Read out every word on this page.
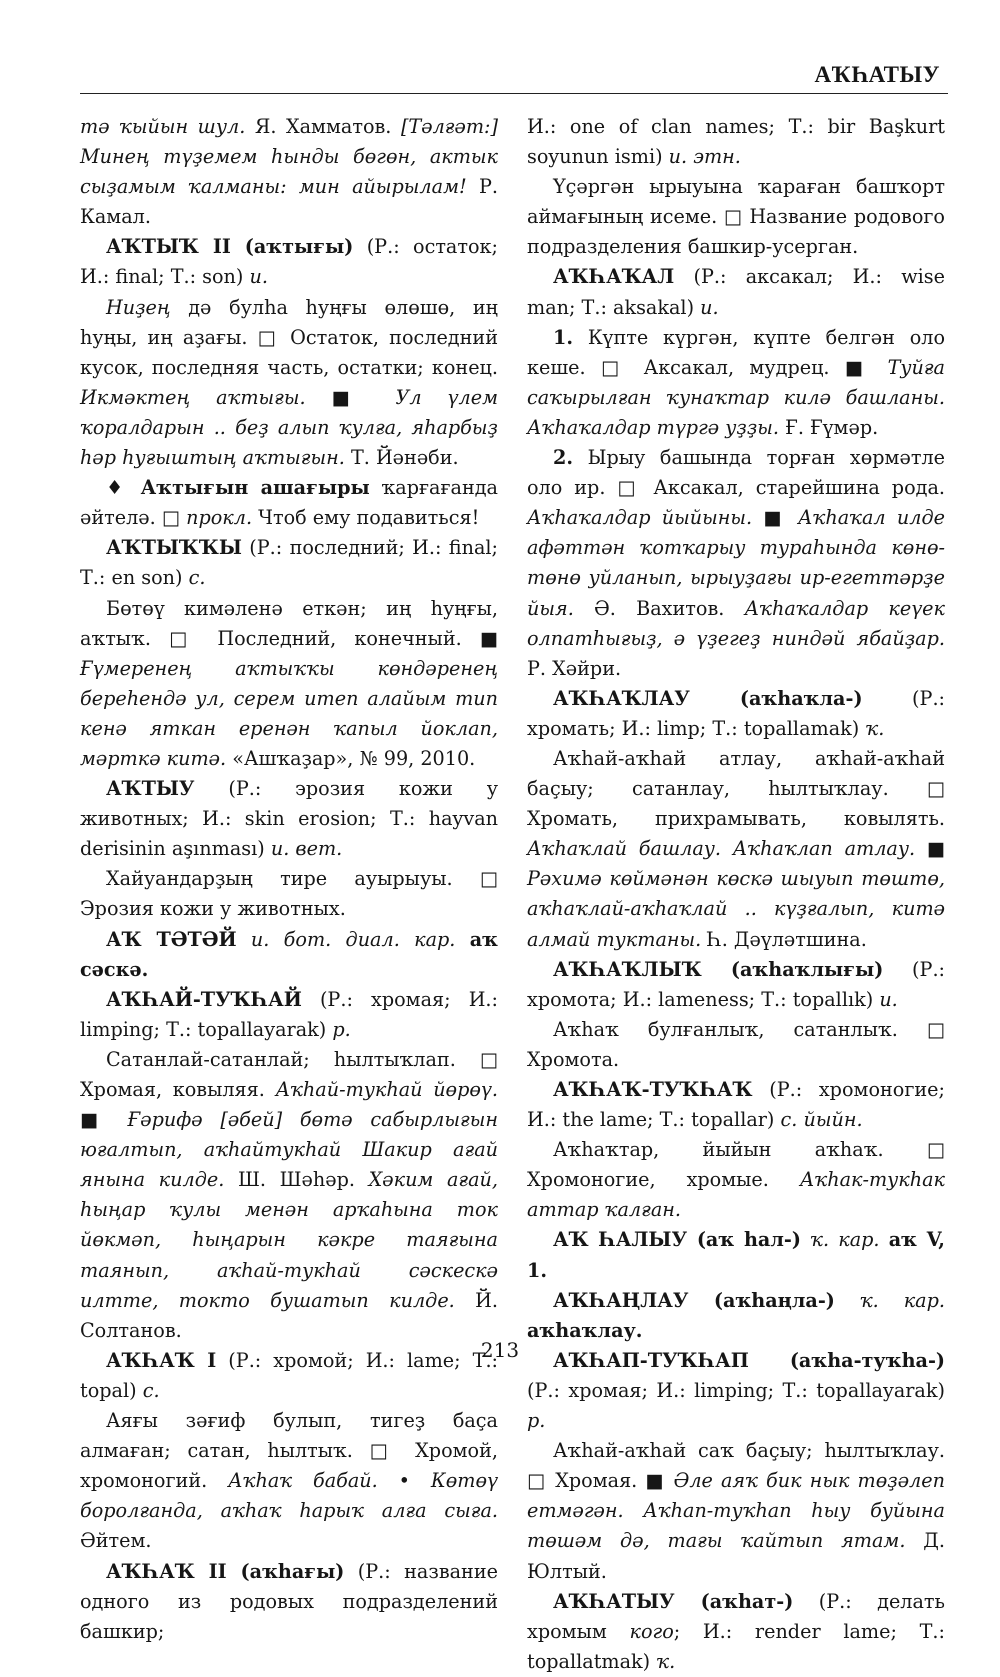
АҠҺАТЫУ

тә ҡыйын шул. Я. Хамматов. [Тәлғәт:] Минең түҙемем һынды бөгөн, актык сыҙамым ҡалманы: мин айырылам! Р. Камал.

АҠТЫҠ II (аҡтығы) (Р.: остаток; И.: final; Т.: son) и.

Ниҙең дә булһа һуңғы өлөшө, иң һуңы, иң аҙағы. □ Остаток, последний кусок, последняя часть, остатки; конец. Икмәктең аҡтығы. ■ Ул үлем ҡоралдарын .. беҙ алып ҡулға, яһарбыҙ һәр һуғыштың аҡтығын. Т. Йәнәби.

♦ Аҡтығын ашағыры ҡарғағанда әйтелә. □ прокл. Чтоб ему подавиться!

АҠТЫҠҠЫ (Р.: последний; И.: final; Т.: en son) с.

Бөтөү кимәленә еткән; иң һуңғы, аҡтыҡ. □ Последний, конечный. ■ Ғүмеренең аҡтыҡҡы көндәренең береһендә ул, серем итеп алайым тип кенә яткан еренән ҡапыл йоклап, мәрткә китә. «Ашҡаҙар», № 99, 2010.

АҠТЫУ (Р.: эрозия кожи у животных; И.: skin erosion; Т.: hayvan derisinin aşınması) и. вет.

Хайуандарҙың тире ауырыуы. □ Эрозия кожи у животных.

АҠ ТӘТӘЙ и. бот. диал. кар. аҡ сәскә.

АҠҺАЙ-ТУҠҺАЙ (Р.: хромая; И.: limping; Т.: topallayarak) р.

Сатанлай-сатанлай; һылтыҡлап. □ Хромая, ковыляя. Аҡһай-тукһай йөрөү. ■ Ғәрифә [әбей] бөтә сабырлығын юғалтып, аҡһайтукһай Шакир ағай янына килде. Ш. Шәһәр. Хәким ағай, һыңар ҡулы менән арҡаһына ток йөкмәп, һыңарын кәкре таяғына таянып, аҡһай-тукһай сәскескә илтте, токто бушатып килде. Й. Солтанов.

АҠҺАҠ I (Р.: хромой; И.: lame; Т.: topal) с.

Аяғы зәғиф булып, тигеҙ баҫа алмаған; сатан, һылтыҡ. □ Хромой, хромоногий. Аҡһаҡ бабай. • Көтөү боролғанда, аҡһаҡ һарыҡ алға сыға. Әйтем.

АҠҺАҠ II (аҡһағы) (Р.: название одного из родовых подразделений башкир;

И.: one of clan names; Т.: bir Başkurt soyunun ismi) и. этн.

Үҫәргән ырыуына ҡараған башҡорт аймағының исеме. □ Название родового подразделения башкир-усерган.

АҠҺАҠАЛ (Р.: аксакал; И.: wise man; Т.: aksakal) и.

1. Күпте күргән, күпте белгән оло кеше. □ Аксакал, мудрец. ■ Туйға саҡырылған ҡунаҡтар килә башланы. Аҡһаҡалдар түргә уҙҙы. Ғ. Ғүмәр.

2. Ырыу башында торған хөрмәтле оло ир. □ Аксакал, старейшина рода. Аҡһаҡалдар йыйыны. ■ Аҡһаҡал илде афәттән ҡотҡарыу тураһында көнө-төнө уйланып, ырыуҙағы ир-егеттәрҙе йыя. Ә. Вахитов. Аҡһаҡалдар кеүек олпатһығыҙ, ә үҙегеҙ ниндәй ябайҙар. Р. Хәйри.

АҠҺАҠЛАУ (аҡһаҡла-) (Р.: хромать; И.: limp; Т.: topallamak) ҡ.

Аҡһай-аҡһай атлау, аҡһай-аҡһай баҫыу; сатанлау, һылтыҡлау. □ Хромать, прихрамывать, ковылять. Аҡһаҡлай башлау. Аҡһаҡлап атлау. ■ Рәхимә көймәнән көскә шыуып төштө, аҡһаҡлай-аҡһаҡлай .. күҙғалып, китә алмай туктаны. Һ. Дәүләтшина.

АҠҺАҠЛЫҠ (аҡһаҡлығы) (Р.: хромота; И.: lameness; Т.: topallık) и.

Аҡһаҡ булғанлыҡ, сатанлыҡ. □ Хромота.

АҠҺАҠ-ТУҠҺАҠ (Р.: хромоногие; И.: the lame; Т.: topallar) с. йыйн.

Аҡһаҡтар, йыйын аҡһаҡ. □ Хромоногие, хромые. Аҡһак-тукһак аттар ҡалған.

АҠ ҺАЛЫУ (аҡ һал-) ҡ. кар. аҡ V, 1.

АҠҺАҢЛАУ (аҡһаңла-) ҡ. кар. аҡһаҡлау.

АҠҺАП-ТУҠҺАП (аҡһа-туҡһа-) (Р.: хромая; И.: limping; Т.: topallayarak) р.

Аҡһай-аҡһай саҡ баҫыу; һылтыҡлау. □ Хромая. ■ Әле аяҡ бик нык төҙәлеп етмәгән. Аҡһап-туҡһап һыу буйына төшәм дә, тағы ҡайтып ятам. Д. Юлтый.

АҠҺАТЫУ (аҡһат-) (Р.: делать хромым кого; И.: render lame; Т.: topallatmak) ҡ.

213
